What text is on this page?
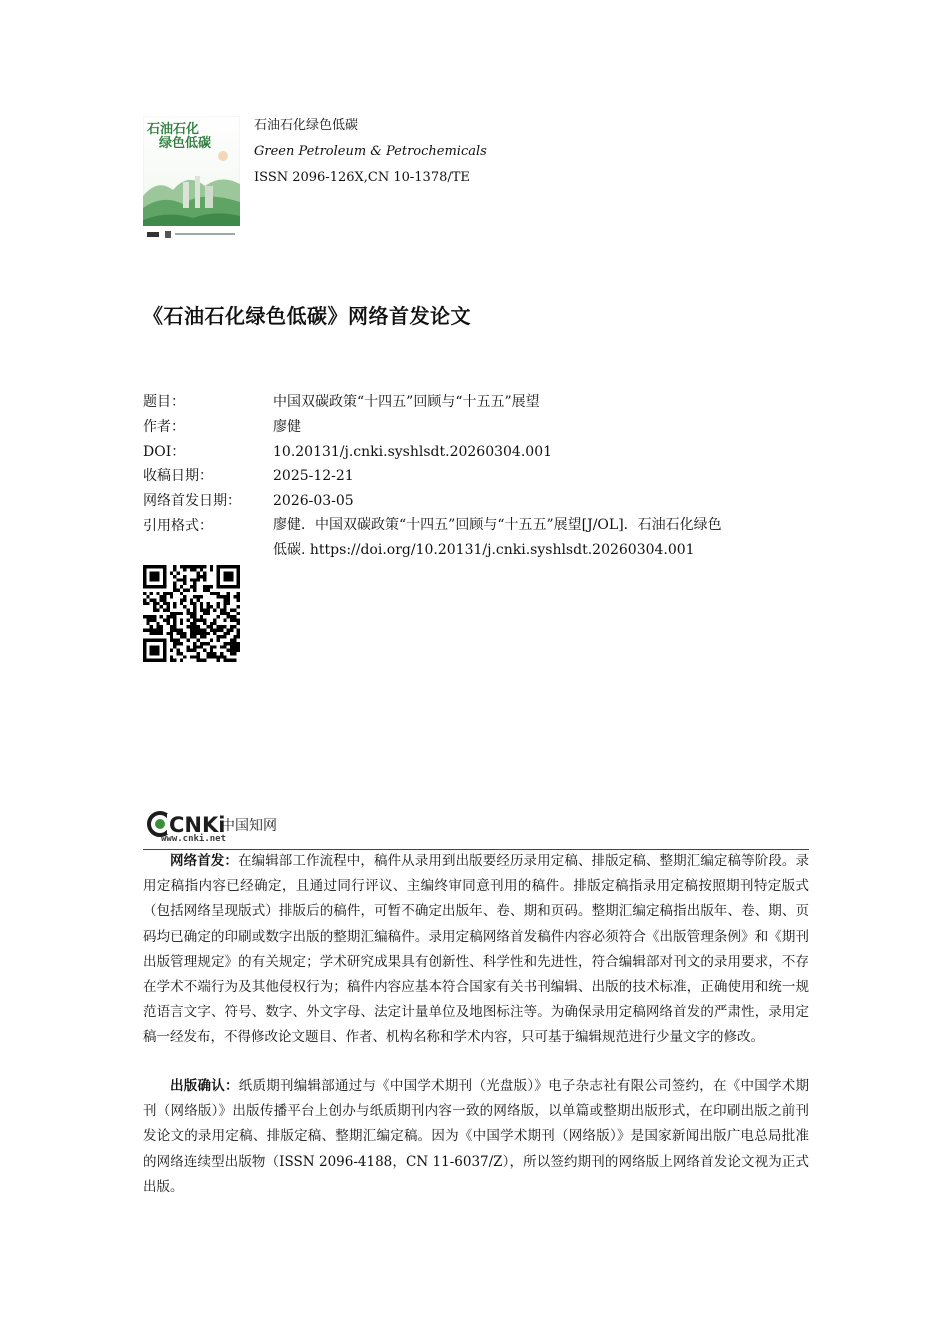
石油石化
绿色低碳
石油石化绿色低碳
Green Petroleum & Petrochemicals
ISSN 2096-126X,CN 10-1378/TE
《石油石化绿色低碳》网络首发论文
题目：	中国双碳政策“十四五”回顾与“十五五”展望
作者：	廖健
DOI：	10.20131/j.cnki.syshlsdt.20260304.001
收稿日期：	2025-12-21
网络首发日期： 2026-03-05
引用格式：	廖健．中国双碳政策“十四五”回顾与“十五五”展望[J/OL]．石油石化绿色
低碳. https://doi.org/10.20131/j.cnki.syshlsdt.20260304.001
CNKi
中国知网
www.cnki.net
网络首发：在编辑部工作流程中，稿件从录用到出版要经历录用定稿、排版定稿、整期汇编定稿等阶段。录用定稿指内容已经确定，且通过同行评议、主编终审同意刊用的稿件。排版定稿指录用定稿按照期刊特定版式（包括网络呈现版式）排版后的稿件，可暂不确定出版年、卷、期和页码。整期汇编定稿指出版年、卷、期、页码均已确定的印刷或数字出版的整期汇编稿件。录用定稿网络首发稿件内容必须符合《出版管理条例》和《期刊出版管理规定》的有关规定；学术研究成果具有创新性、科学性和先进性，符合编辑部对刊文的录用要求，不存在学术不端行为及其他侵权行为；稿件内容应基本符合国家有关书刊编辑、出版的技术标准，正确使用和统一规范语言文字、符号、数字、外文字母、法定计量单位及地图标注等。为确保录用定稿网络首发的严肃性，录用定稿一经发布，不得修改论文题目、作者、机构名称和学术内容，只可基于编辑规范进行少量文字的修改。
出版确认：纸质期刊编辑部通过与《中国学术期刊（光盘版）》电子杂志社有限公司签约，在《中国学术期刊（网络版）》出版传播平台上创办与纸质期刊内容一致的网络版，以单篇或整期出版形式，在印刷出版之前刊发论文的录用定稿、排版定稿、整期汇编定稿。因为《中国学术期刊（网络版）》是国家新闻出版广电总局批准的网络连续型出版物（ISSN 2096-4188，CN 11-6037/Z），所以签约期刊的网络版上网络首发论文视为正式出版。
